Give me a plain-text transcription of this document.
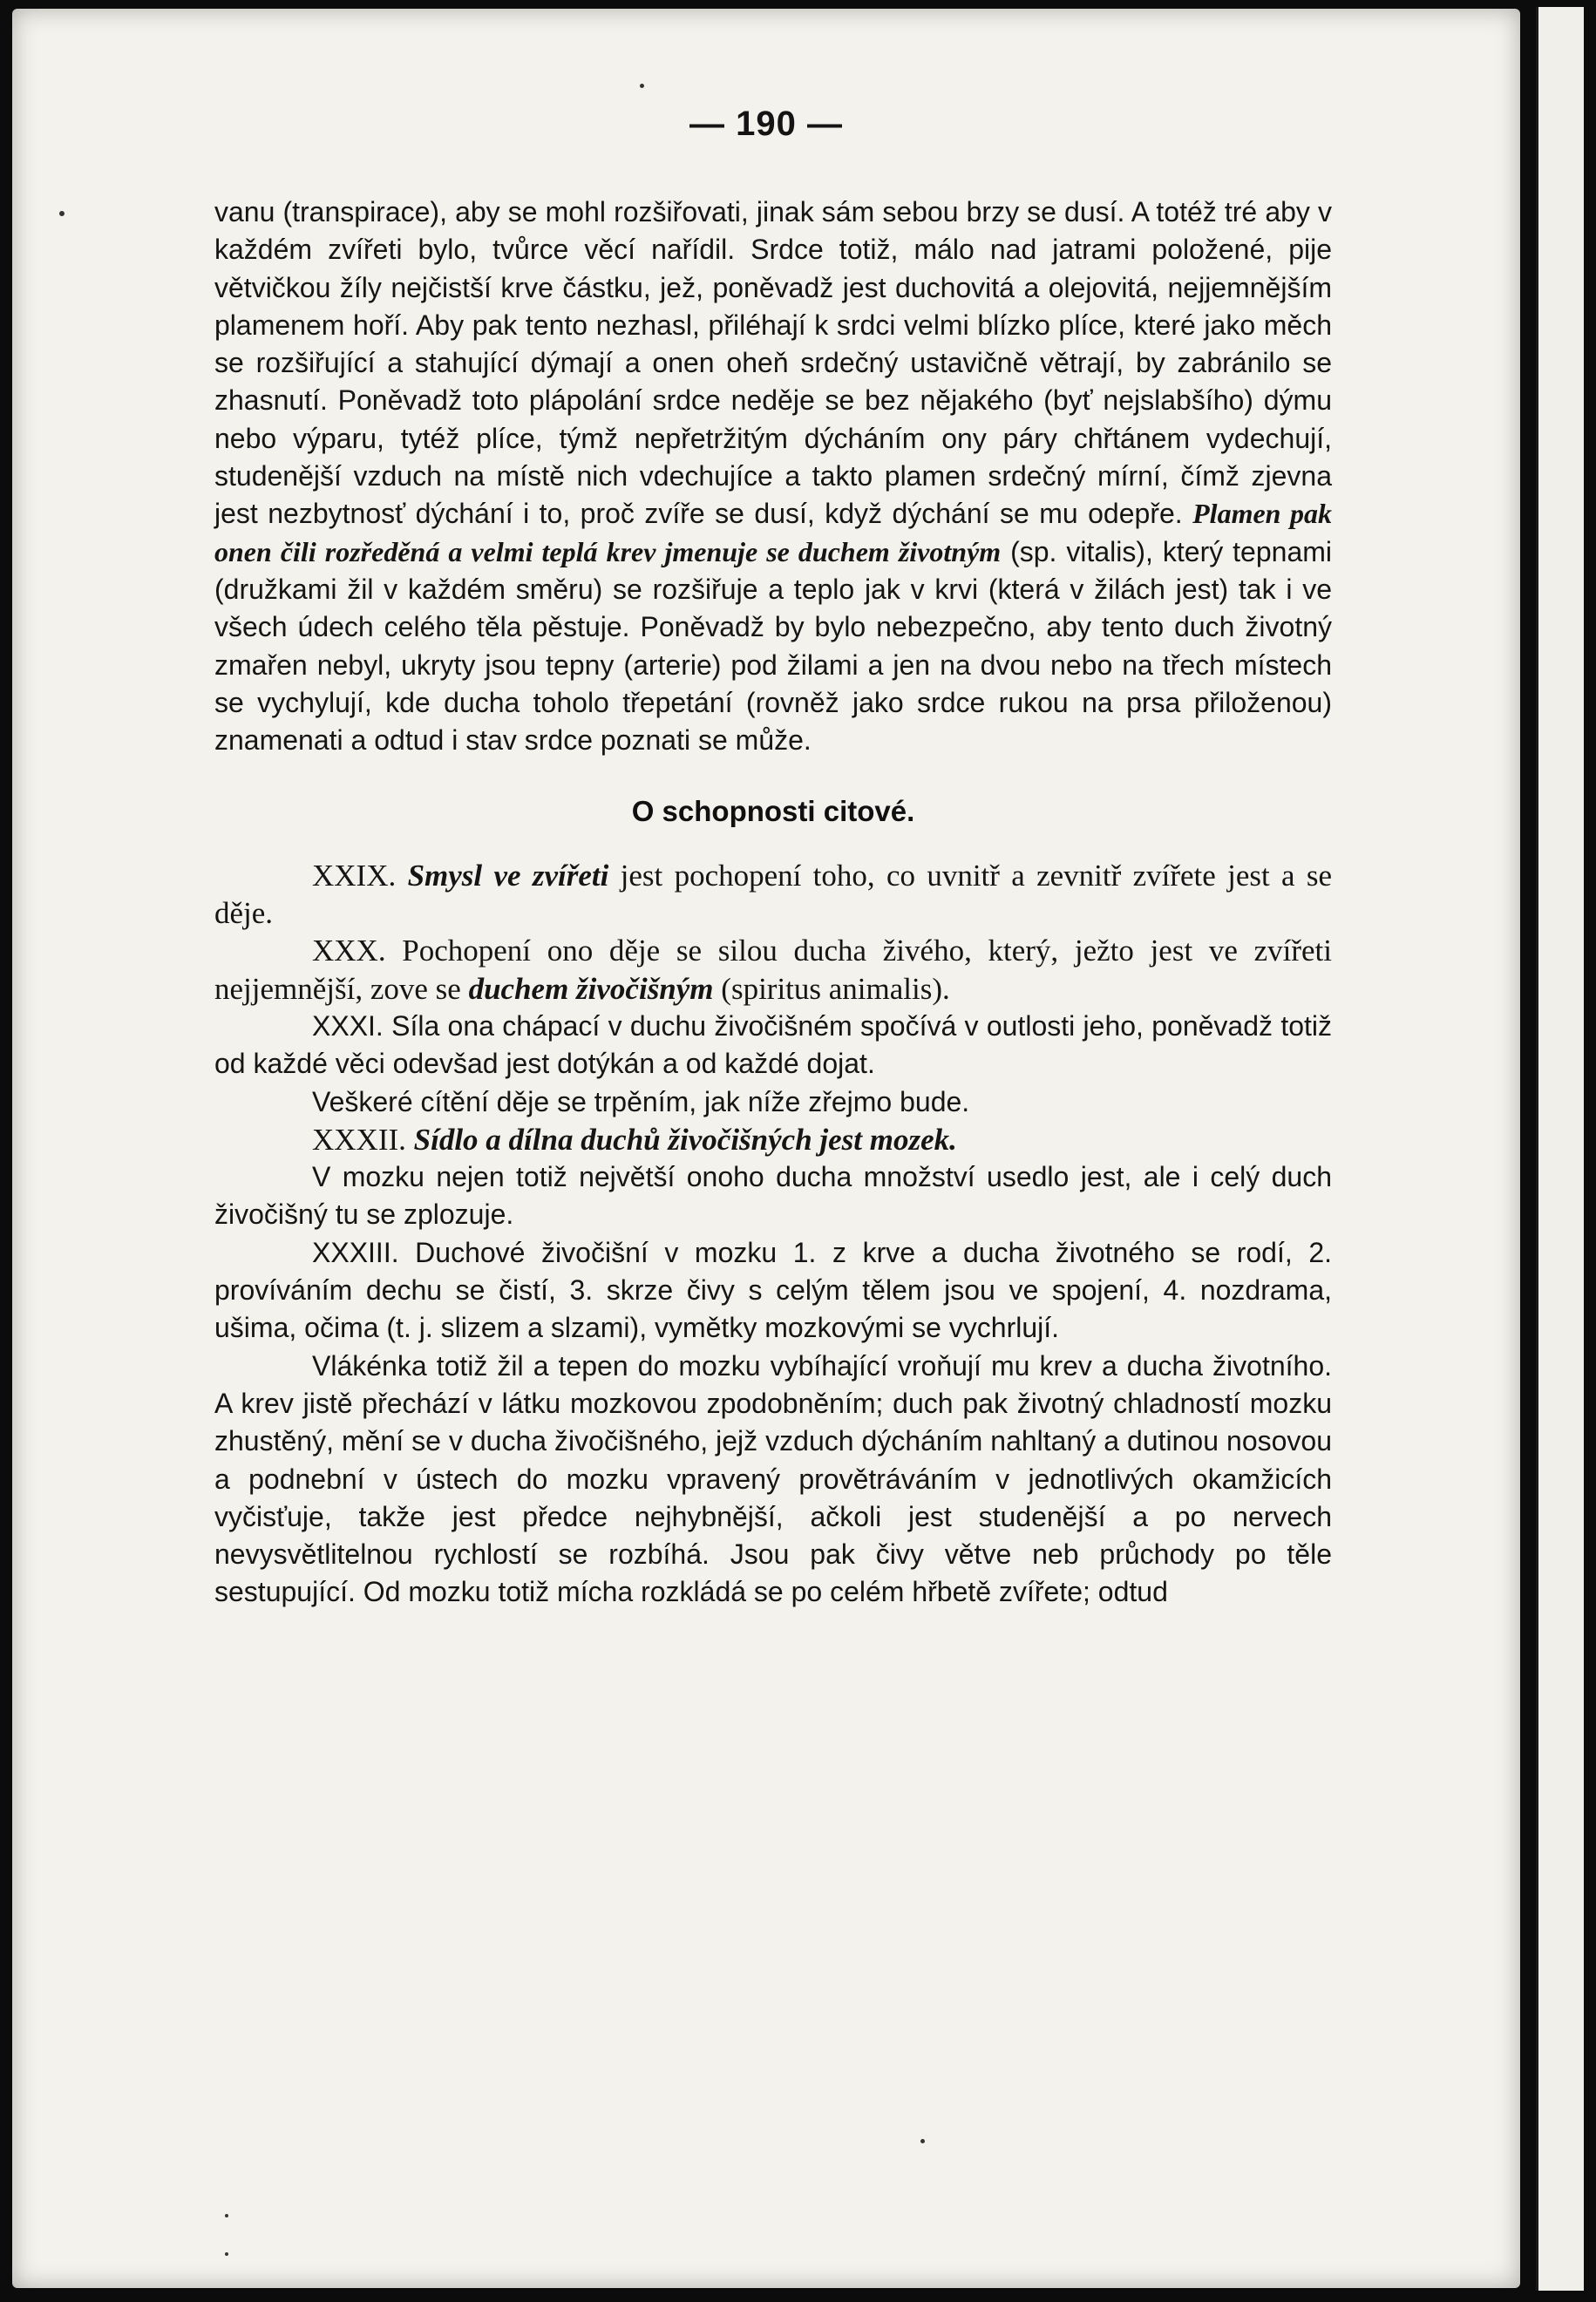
— 190 —

vanu (transpirace), aby se mohl rozšiřovati, jinak sám sebou brzy se dusí. A totéž tré aby v každém zvířeti bylo, tvůrce věcí nařídil. Srdce totiž, málo nad jatrami položené, pije větvičkou žíly nejčistší krve částku, jež, poněvadž jest duchovitá a olejovitá, nejjemnějším plamenem hoří. Aby pak tento nezhasl, přiléhají k srdci velmi blízko plíce, které jako měch se rozšiřující a stahující dýmají a onen oheň srdečný ustavičně větrají, by zabránilo se zhasnutí. Poněvadž toto plápolání srdce neděje se bez nějakého (byť nejslabšího) dýmu nebo výparu, tytéž plíce, týmž nepřetržitým dýcháním ony páry chřtánem vydechují, studenější vzduch na místě nich vdechujíce a takto plamen srdečný mírní, čímž zjevna jest nezbytnosť dýchání i to, proč zvíře se dusí, když dýchání se mu odepře. Plamen pak onen čili rozředěná a velmi teplá krev jmenuje se duchem životným (sp. vitalis), který tepnami (družkami žil v každém směru) se rozšiřuje a teplo jak v krvi (která v žilách jest) tak i ve všech údech celého těla pěstuje. Poněvadž by bylo nebezpečno, aby tento duch životný zmařen nebyl, ukryty jsou tepny (arterie) pod žilami a jen na dvou nebo na třech místech se vychylují, kde ducha toholo třepetání (rovněž jako srdce rukou na prsa přiloženou) znamenati a odtud i stav srdce poznati se může.

O schopnosti citové.

XXIX. Smysl ve zvířeti jest pochopení toho, co uvnitř a zevnitř zvířete jest a se děje.

XXX. Pochopení ono děje se silou ducha živého, který, ježto jest ve zvířeti nejjemnější, zove se duchem živočišným (spiritus animalis).

XXXI. Síla ona chápací v duchu živočišném spočívá v outlosti jeho, poněvadž totiž od každé věci odevšad jest dotýkán a od každé dojat.

Veškeré cítění děje se trpěním, jak níže zřejmo bude.

XXXII. Sídlo a dílna duchů živočišných jest mozek.

V mozku nejen totiž největší onoho ducha množství usedlo jest, ale i celý duch živočišný tu se zplozuje.

XXXIII. Duchové živočišní v mozku 1. z krve a ducha životného se rodí, 2. províváním dechu se čistí, 3. skrze čivy s celým tělem jsou ve spojení, 4. nozdrama, ušima, očima (t. j. slizem a slzami), vymětky mozkovými se vychrlují.

Vlákénka totiž žil a tepen do mozku vybíhající vroňují mu krev a ducha životního. A krev jistě přechází v látku mozkovou zpodobněním; duch pak životný chladností mozku zhustěný, mění se v ducha živočišného, jejž vzduch dýcháním nahltaný a dutinou nosovou a podnební v ústech do mozku vpravený provětráváním v jednotlivých okamžicích vyčisťuje, takže jest předce nejhybnější, ačkoli jest studenější a po nervech nevysvětlitelnou rychlostí se rozbíhá. Jsou pak čivy větve neb průchody po těle sestupující. Od mozku totiž mícha rozkládá se po celém hřbetě zvířete; odtud
